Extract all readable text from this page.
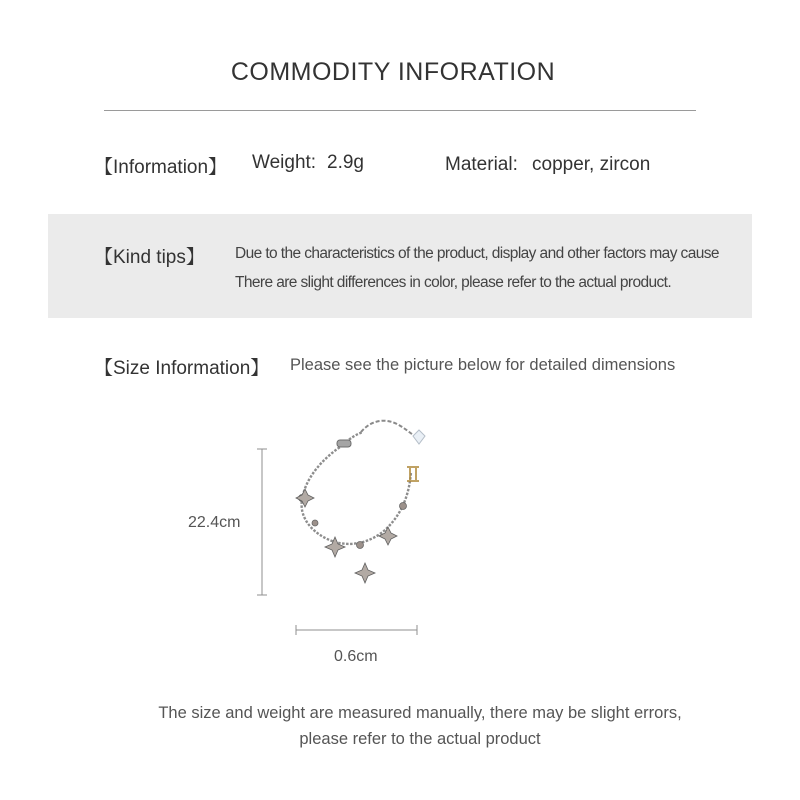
COMMODITY INFORATION
【Information】 Weight: 2.9g	Material: copper, zircon
【Kind tips】 Due to the characteristics of the product, display and other factors may cause
There are slight differences in color, please refer to the actual product.
【Size Information】 Please see the picture below for detailed dimensions
22.4cm
0.6cm
The size and weight are measured manually, there may be slight errors,
please refer to the actual product
